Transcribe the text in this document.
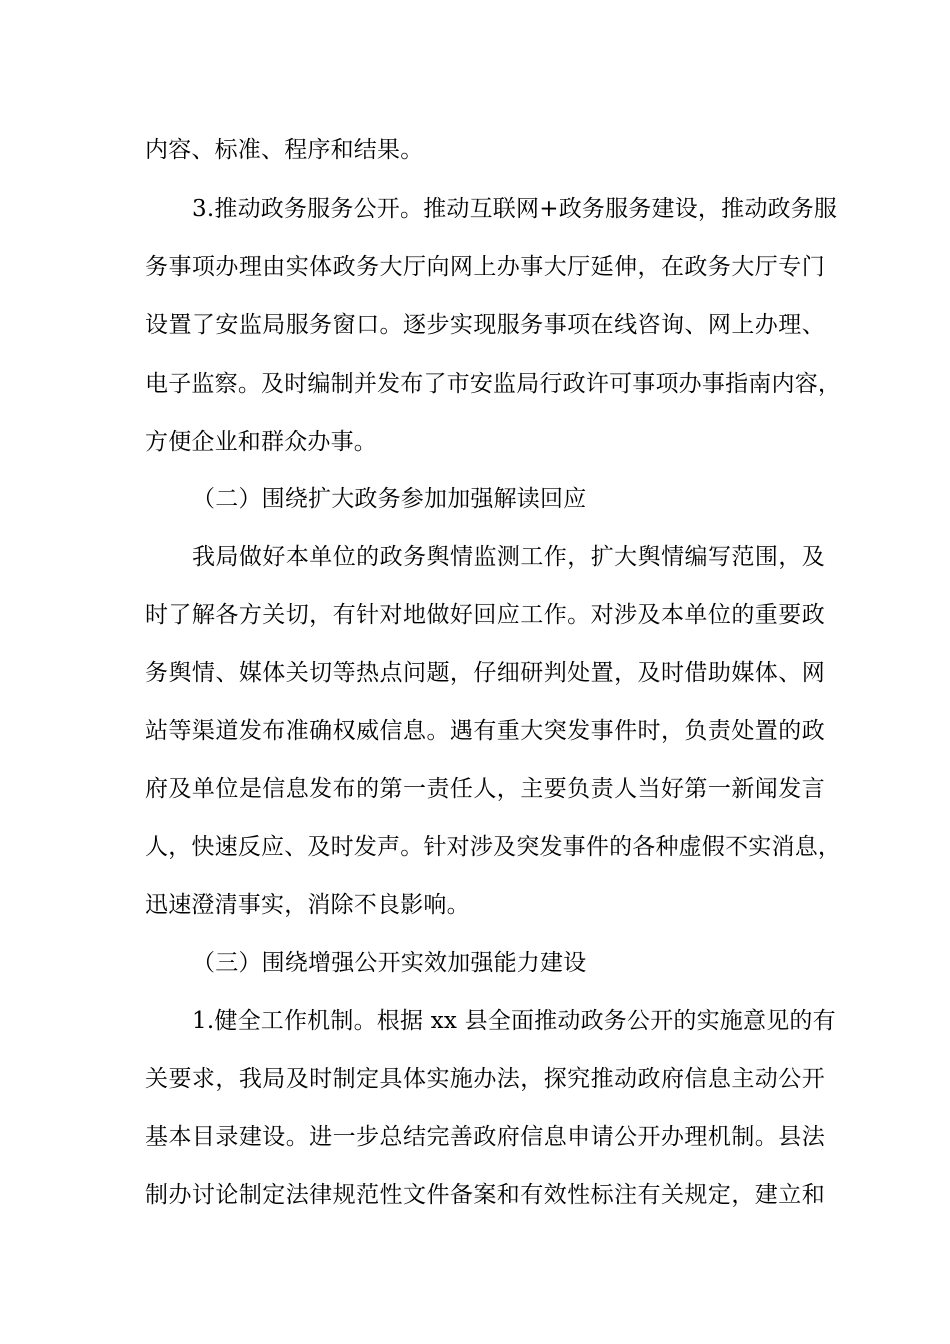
内容、标准、程序和结果。
3 . 推 动 政 务 服 务 公 开 。 推 动 互 联 网 + 政 务 服 务 建 设 ， 推 动 政 务 服
务 事 项 办 理 由 实 体 政 务 大 厅 向 网 上 办 事 大 厅 延 伸 ， 在 政 务 大 厅 专 门
设 置 了 安 监 局 服 务 窗 口 。 逐 步 实 现 服 务 事 项 在 线 咨 询 、 网 上 办 理 、
电 子 监 察 。 及 时 编 制 并 发 布 了 市 安 监 局 行 政 许 可 事 项 办 事 指 南 内 容 ，
方便企业和群众办事。
（二）围绕扩大政务参加加强解读回应
我 局 做 好 本 单 位 的 政 务 舆 情 监 测 工 作 ， 扩 大 舆 情 编 写 范 围 ， 及
时 了 解 各 方 关 切 ， 有 针 对 地 做 好 回 应 工 作 。 对 涉 及 本 单 位 的 重 要 政
务 舆 情 、 媒 体 关 切 等 热 点 问 题 ， 仔 细 研 判 处 置 ， 及 时 借 助 媒 体 、 网
站 等 渠 道 发 布 准 确 权 威 信 息 。 遇 有 重 大 突 发 事 件 时 ， 负 责 处 置 的 政
府 及 单 位 是 信 息 发 布 的 第 一 责 任 人 ， 主 要 负 责 人 当 好 第 一 新 闻 发 言
人 ， 快 速 反 应 、 及 时 发 声 。 针 对 涉 及 突 发 事 件 的 各 种 虚 假 不 实 消 息 ，
迅速澄清事实，消除不良影响。
（三）围绕增强公开实效加强能力建设
1 . 健 全 工 作 机 制 。 根 据
x x
县 全 面 推 动 政 务 公 开 的 实 施 意 见 的 有
关 要 求 ， 我 局 及 时 制 定 具 体 实 施 办 法 ， 探 究 推 动 政 府 信 息 主 动 公 开
基 本 目 录 建 设 。 进 一 步 总 结 完 善 政 府 信 息 申 请 公 开 办 理 机 制 。 县 法
制 办 讨 论 制 定 法 律 规 范 性 文 件 备 案 和 有 效 性 标 注 有 关 规 定 ， 建 立 和
